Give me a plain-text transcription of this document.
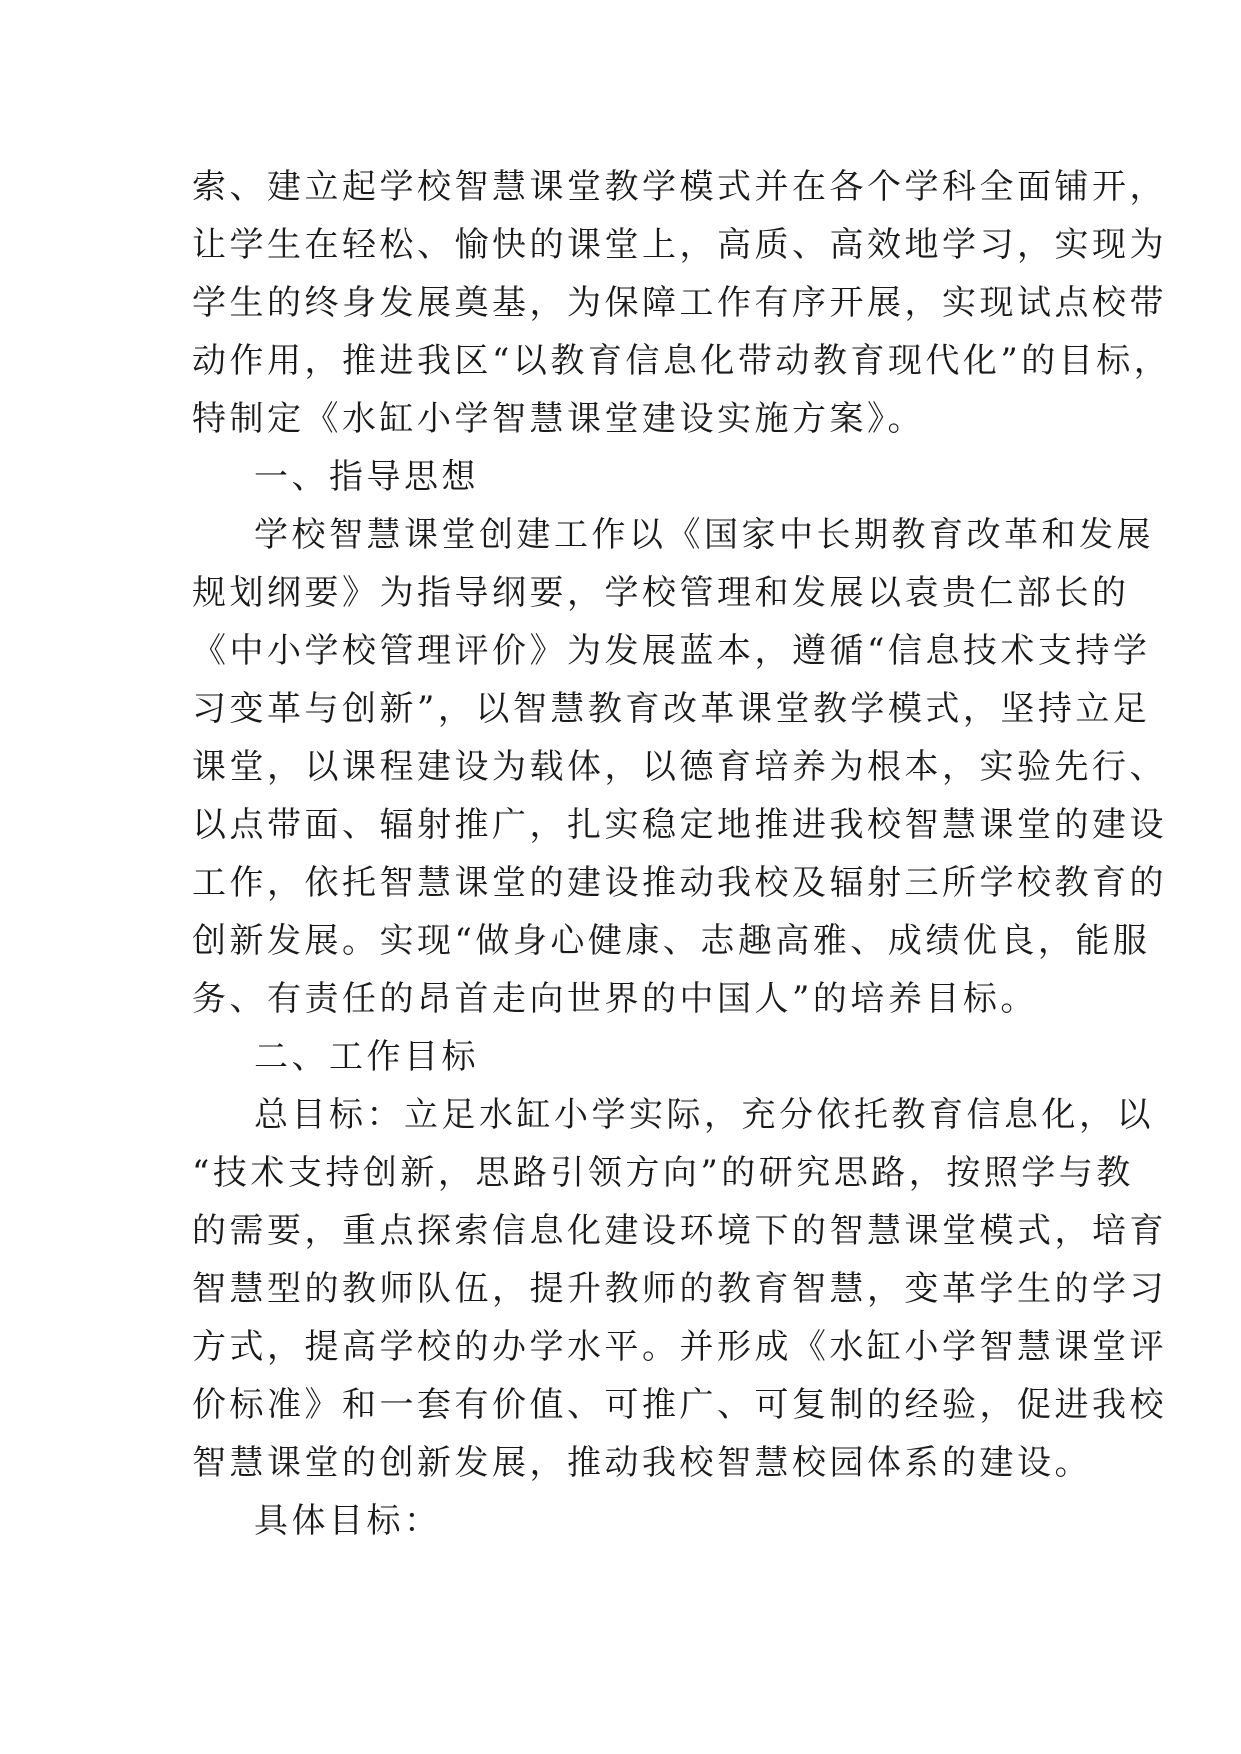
索、建立起学校智慧课堂教学模式并在各个学科全面铺开，
让学生在轻松、愉快的课堂上，高质、高效地学习，实现为
学生的终身发展奠基，为保障工作有序开展，实现试点校带
动作用，推进我区“以教育信息化带动教育现代化”的目标，
特制定《水缸小学智慧课堂建设实施方案》。
一、指导思想
学校智慧课堂创建工作以《国家中长期教育改革和发展
规划纲要》为指导纲要，学校管理和发展以袁贵仁部长的
《中小学校管理评价》为发展蓝本，遵循“信息技术支持学
习变革与创新”，以智慧教育改革课堂教学模式，坚持立足
课堂，以课程建设为载体，以德育培养为根本，实验先行、
以点带面、辐射推广，扎实稳定地推进我校智慧课堂的建设
工作，依托智慧课堂的建设推动我校及辐射三所学校教育的
创新发展。实现“做身心健康、志趣高雅、成绩优良，能服
务、有责任的昂首走向世界的中国人”的培养目标。
二、工作目标
总目标：立足水缸小学实际，充分依托教育信息化，以
“技术支持创新，思路引领方向”的研究思路，按照学与教
的需要，重点探索信息化建设环境下的智慧课堂模式，培育
智慧型的教师队伍，提升教师的教育智慧，变革学生的学习
方式，提高学校的办学水平。并形成《水缸小学智慧课堂评
价标准》和一套有价值、可推广、可复制的经验，促进我校
智慧课堂的创新发展，推动我校智慧校园体系的建设。
具体目标：
